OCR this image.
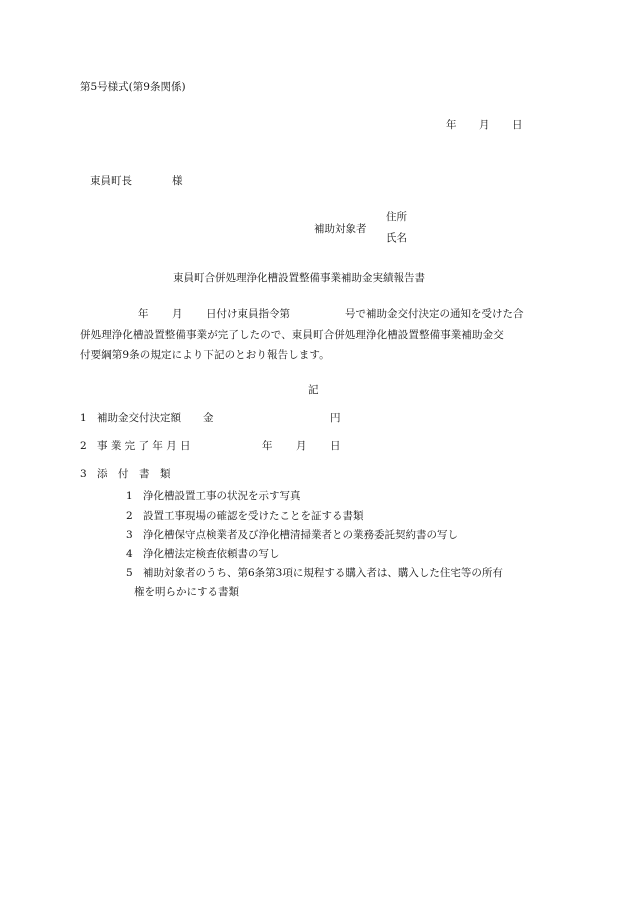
第5号様式(第9条関係)
年 月 日
東員町長	様
補助対象者
住所
氏名
東員町合併処理浄化槽設置整備事業補助金実績報告書
年 月 日付け東員指令第	号で補助金交付決定の通知を受けた合
併処理浄化槽設置整備事業が完了したので、東員町合併処理浄化槽設置整備事業補助金交
付要綱第9条の規定により下記のとおり報告します。
記
1 補助金交付決定額 金	円
2 事 業 完 了 年 月 日	年 月 日
3 添　付　書　類
1 浄化槽設置工事の状況を示す写真
2 設置工事現場の確認を受けたことを証する書類
3 浄化槽保守点検業者及び浄化槽清掃業者との業務委託契約書の写し
4 浄化槽法定検査依頼書の写し
5 補助対象者のうち、第6条第3項に規程する購入者は、購入した住宅等の所有
権を明らかにする書類
